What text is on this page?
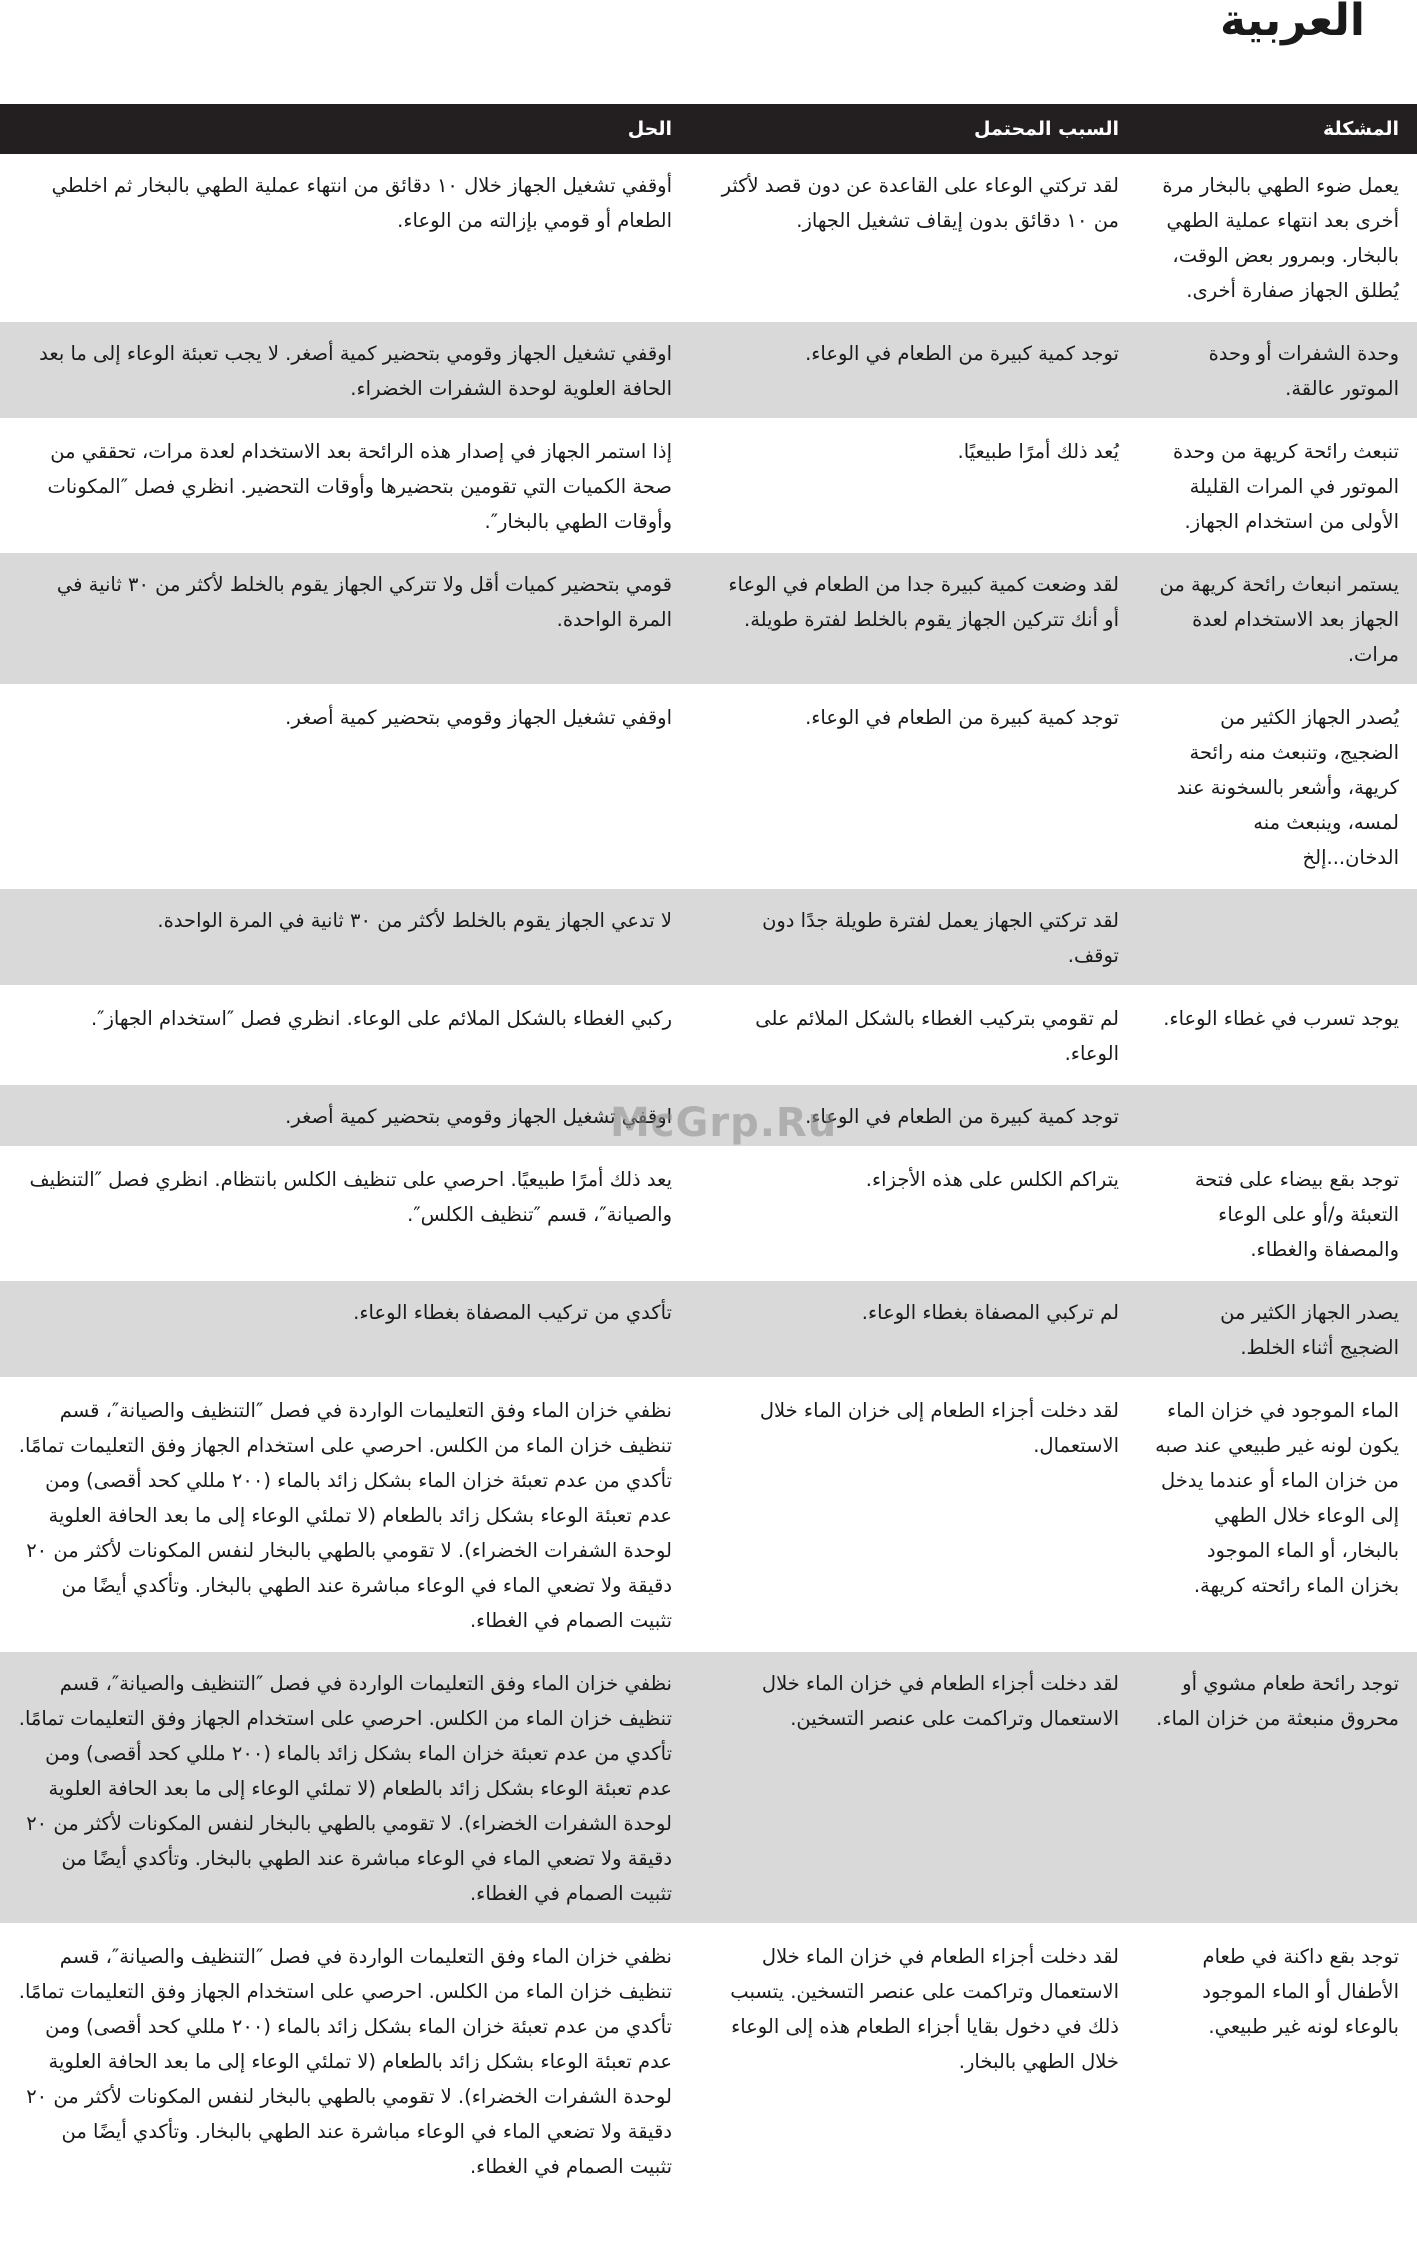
العربية
المشكلة	السبب المحتمل	الحل
يعمل ضوء الطهي بالبخار مرة أخرى بعد انتهاء عملية الطهي بالبخار. وبمرور بعض الوقت، يُطلق الجهاز صفارة أخرى.	لقد تركتي الوعاء على القاعدة عن دون قصد لأكثر من ١٠ دقائق بدون إيقاف تشغيل الجهاز.	أوقفي تشغيل الجهاز خلال ١٠ دقائق من انتهاء عملية الطهي بالبخار ثم اخلطي الطعام أو قومي بإزالته من الوعاء.
وحدة الشفرات أو وحدة الموتور عالقة.	توجد كمية كبيرة من الطعام في الوعاء.	اوقفي تشغيل الجهاز وقومي بتحضير كمية أصغر. لا يجب تعبئة الوعاء إلى ما بعد الحافة العلوية لوحدة الشفرات الخضراء.
تنبعث رائحة كريهة من وحدة الموتور في المرات القليلة الأولى من استخدام الجهاز.	يُعد ذلك أمرًا طبيعيًا.	إذا استمر الجهاز في إصدار هذه الرائحة بعد الاستخدام لعدة مرات، تحققي من صحة الكميات التي تقومين بتحضيرها وأوقات التحضير. انظري فصل ″المكونات وأوقات الطهي بالبخار″.
يستمر انبعاث رائحة كريهة من الجهاز بعد الاستخدام لعدة مرات.	لقد وضعت كمية كبيرة جدا من الطعام في الوعاء أو أنك تتركين الجهاز يقوم بالخلط لفترة طويلة.	قومي بتحضير كميات أقل ولا تتركي الجهاز يقوم بالخلط لأكثر من ٣٠ ثانية في المرة الواحدة.
يُصدر الجهاز الكثير من الضجيج، وتنبعث منه رائحة كريهة، وأشعر بالسخونة عند لمسه، وينبعث منه الدخان...إلخ	توجد كمية كبيرة من الطعام في الوعاء.	اوقفي تشغيل الجهاز وقومي بتحضير كمية أصغر.
	لقد تركتي الجهاز يعمل لفترة طويلة جدًا دون توقف.	لا تدعي الجهاز يقوم بالخلط لأكثر من ٣٠ ثانية في المرة الواحدة.
يوجد تسرب في غطاء الوعاء.	لم تقومي بتركيب الغطاء بالشكل الملائم على الوعاء.	ركبي الغطاء بالشكل الملائم على الوعاء. انظري فصل ″استخدام الجهاز″.
	توجد كمية كبيرة من الطعام في الوعاء.	اوقفي تشغيل الجهاز وقومي بتحضير كمية أصغر.
توجد بقع بيضاء على فتحة التعبئة و/أو على الوعاء والمصفاة والغطاء.	يتراكم الكلس على هذه الأجزاء.	يعد ذلك أمرًا طبيعيًا. احرصي على تنظيف الكلس بانتظام. انظري فصل ″التنظيف والصيانة″، قسم ″تنظيف الكلس″.
يصدر الجهاز الكثير من الضجيج أثناء الخلط.	لم تركبي المصفاة بغطاء الوعاء.	تأكدي من تركيب المصفاة بغطاء الوعاء.
الماء الموجود في خزان الماء يكون لونه غير طبيعي عند صبه من خزان الماء أو عندما يدخل إلى الوعاء خلال الطهي بالبخار، أو الماء الموجود بخزان الماء رائحته كريهة.	لقد دخلت أجزاء الطعام إلى خزان الماء خلال الاستعمال.	نظفي خزان الماء وفق التعليمات الواردة في فصل ″التنظيف والصيانة″، قسم تنظيف خزان الماء من الكلس. احرصي على استخدام الجهاز وفق التعليمات تمامًا. تأكدي من عدم تعبئة خزان الماء بشكل زائد بالماء (٢٠٠ مللي كحد أقصى) ومن عدم تعبئة الوعاء بشكل زائد بالطعام (لا تملئي الوعاء إلى ما بعد الحافة العلوية لوحدة الشفرات الخضراء). لا تقومي بالطهي بالبخار لنفس المكونات لأكثر من ٢٠ دقيقة ولا تضعي الماء في الوعاء مباشرة عند الطهي بالبخار. وتأكدي أيضًا من تثبيت الصمام في الغطاء.
توجد رائحة طعام مشوي أو محروق منبعثة من خزان الماء.	لقد دخلت أجزاء الطعام في خزان الماء خلال الاستعمال وتراكمت على عنصر التسخين.	نظفي خزان الماء وفق التعليمات الواردة في فصل ″التنظيف والصيانة″، قسم تنظيف خزان الماء من الكلس. احرصي على استخدام الجهاز وفق التعليمات تمامًا. تأكدي من عدم تعبئة خزان الماء بشكل زائد بالماء (٢٠٠ مللي كحد أقصى) ومن عدم تعبئة الوعاء بشكل زائد بالطعام (لا تملئي الوعاء إلى ما بعد الحافة العلوية لوحدة الشفرات الخضراء). لا تقومي بالطهي بالبخار لنفس المكونات لأكثر من ٢٠ دقيقة ولا تضعي الماء في الوعاء مباشرة عند الطهي بالبخار. وتأكدي أيضًا من تثبيت الصمام في الغطاء.
توجد بقع داكنة في طعام الأطفال أو الماء الموجود بالوعاء لونه غير طبيعي.	لقد دخلت أجزاء الطعام في خزان الماء خلال الاستعمال وتراكمت على عنصر التسخين. يتسبب ذلك في دخول بقايا أجزاء الطعام هذه إلى الوعاء خلال الطهي بالبخار.	نظفي خزان الماء وفق التعليمات الواردة في فصل ″التنظيف والصيانة″، قسم تنظيف خزان الماء من الكلس. احرصي على استخدام الجهاز وفق التعليمات تمامًا. تأكدي من عدم تعبئة خزان الماء بشكل زائد بالماء (٢٠٠ مللي كحد أقصى) ومن عدم تعبئة الوعاء بشكل زائد بالطعام (لا تملئي الوعاء إلى ما بعد الحافة العلوية لوحدة الشفرات الخضراء). لا تقومي بالطهي بالبخار لنفس المكونات لأكثر من ٢٠ دقيقة ولا تضعي الماء في الوعاء مباشرة عند الطهي بالبخار. وتأكدي أيضًا من تثبيت الصمام في الغطاء.
McGrp.Ru
